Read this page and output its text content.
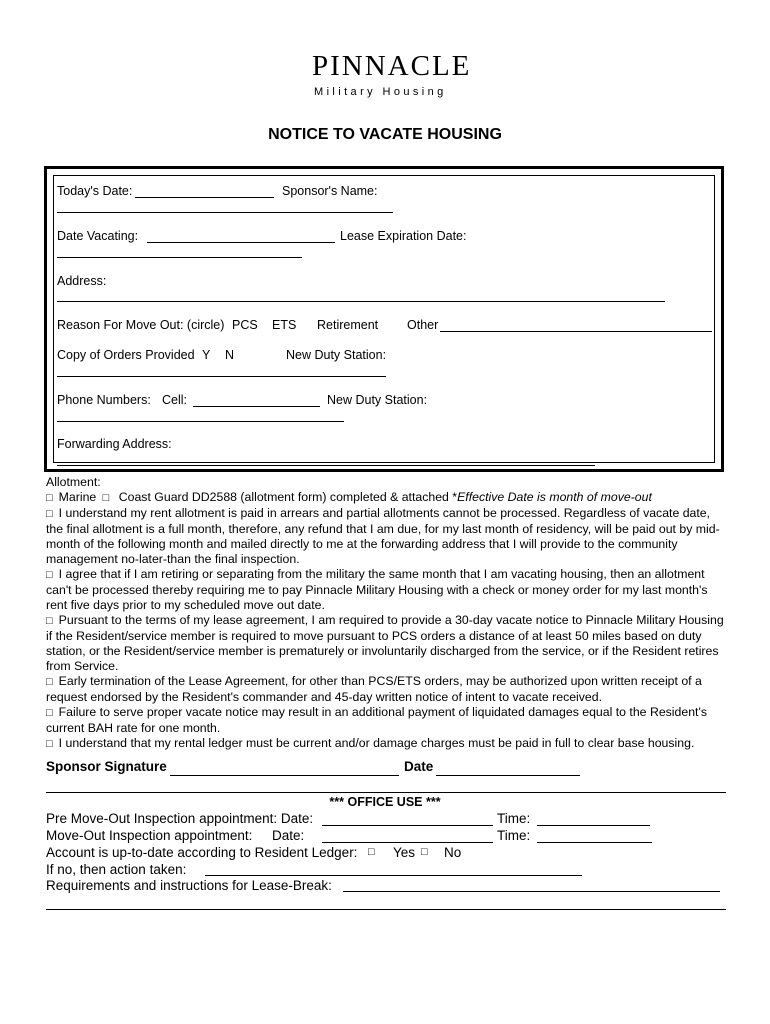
PINNACLE
Military Housing
NOTICE TO VACATE HOUSING
Today's Date:	Sponsor's Name:
Date Vacating:	Lease Expiration Date:
Address:
Reason For Move Out: (circle) PCS ETS Retirement Other
Copy of Orders Provided Y N	New Duty Station:
Phone Numbers: Cell:	New Duty Station:
Forwarding Address:

Allotment:

□ Marine □ Coast Guard DD2588 (allotment form) completed & attached *Effective Date is month of move-out

□ I understand my rent allotment is paid in arrears and partial allotments cannot be processed. Regardless of vacate date, the final allotment is a full month, therefore, any refund that I am due, for my last month of residency, will be paid out by mid-month of the following month and mailed directly to me at the forwarding address that I will provide to the community management no-later-than the final inspection.

□ I agree that if I am retiring or separating from the military the same month that I am vacating housing, then an allotment can't be processed thereby requiring me to pay Pinnacle Military Housing with a check or money order for my last month's rent five days prior to my scheduled move out date.

□ Pursuant to the terms of my lease agreement, I am required to provide a 30-day vacate notice to Pinnacle Military Housing if the Resident/service member is required to move pursuant to PCS orders a distance of at least 50 miles based on duty station, or the Resident/service member is prematurely or involuntarily discharged from the service, or if the Resident retires from Service.

□ Early termination of the Lease Agreement, for other than PCS/ETS orders, may be authorized upon written receipt of a request endorsed by the Resident's commander and 45-day written notice of intent to vacate received.

□ Failure to serve proper vacate notice may result in an additional payment of liquidated damages equal to the Resident's current BAH rate for one month.

□ I understand that my rental ledger must be current and/or damage charges must be paid in full to clear base housing.

Sponsor Signature	Date
*** OFFICE USE ***
Pre Move-Out Inspection appointment: Date:	Time:
Move-Out Inspection appointment: Date:	Time:
Account is up-to-date according to Resident Ledger: □ Yes □ No
If no, then action taken:
Requirements and instructions for Lease-Break:
